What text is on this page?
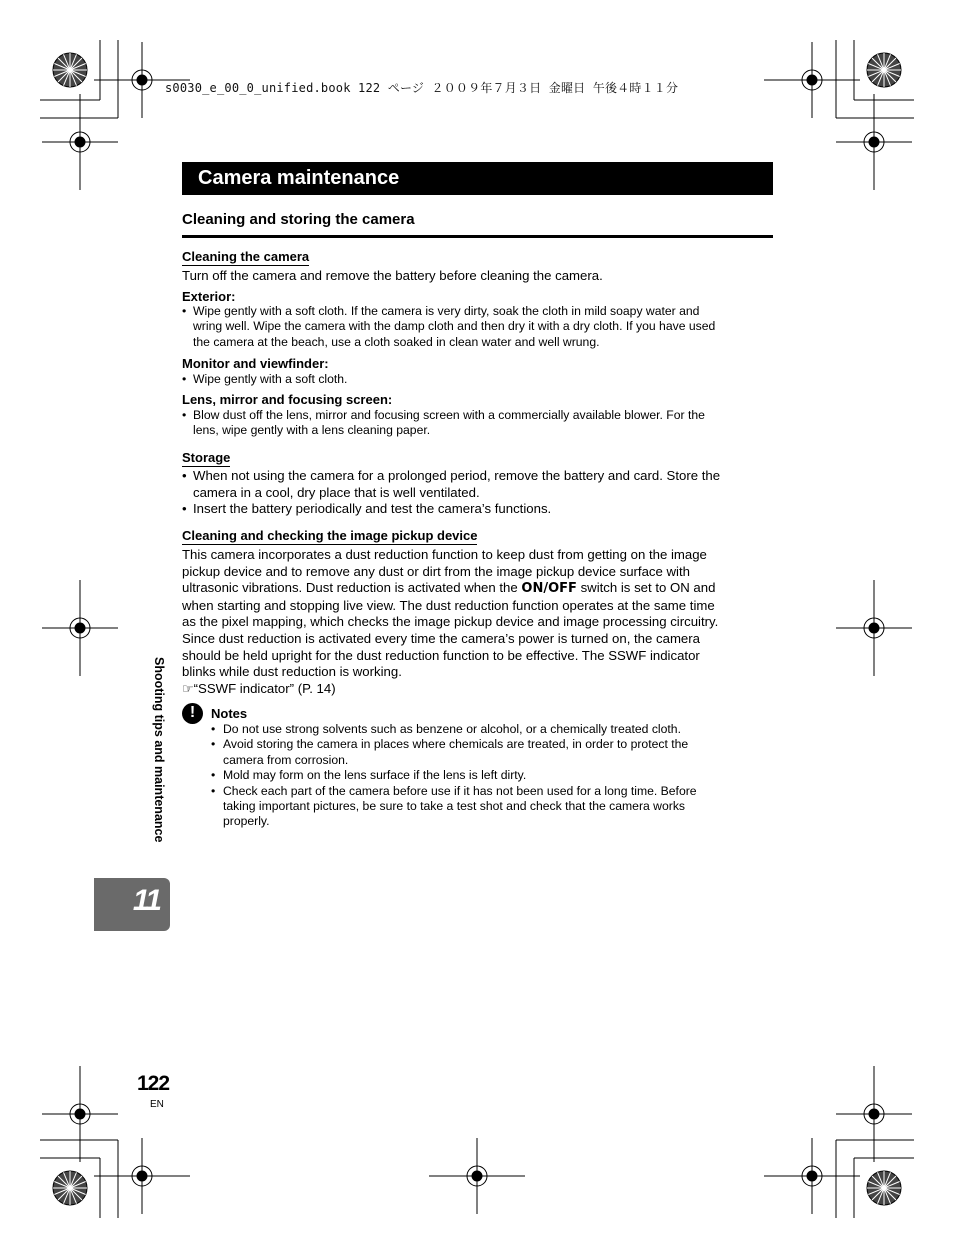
s0030_e_00_0_unified.book 122 ページ ２００９年７月３日 金曜日 午後４時１１分
Camera maintenance
Cleaning and storing the camera
Cleaning the camera
Turn off the camera and remove the battery before cleaning the camera.
Exterior:
• Wipe gently with a soft cloth. If the camera is very dirty, soak the cloth in mild soapy water and
wring well. Wipe the camera with the damp cloth and then dry it with a dry cloth. If you have used
the camera at the beach, use a cloth soaked in clean water and well wrung.
Monitor and viewfinder:
• Wipe gently with a soft cloth.
Lens, mirror and focusing screen:
• Blow dust off the lens, mirror and focusing screen with a commercially available blower. For the
lens, wipe gently with a lens cleaning paper.
Storage
• When not using the camera for a prolonged period, remove the battery and card. Store the
camera in a cool, dry place that is well ventilated.
• Insert the battery periodically and test the camera’s functions.
Cleaning and checking the image pickup device
This camera incorporates a dust reduction function to keep dust from getting on the image
pickup device and to remove any dust or dirt from the image pickup device surface with
ultrasonic vibrations. Dust reduction is activated when the ON/OFF switch is set to ON and
when starting and stopping live view. The dust reduction function operates at the same time
as the pixel mapping, which checks the image pickup device and image processing circuitry.
Since dust reduction is activated every time the camera’s power is turned on, the camera
should be held upright for the dust reduction function to be effective. The SSWF indicator
blinks while dust reduction is working.
☞“SSWF indicator” (P. 14)
!	Notes
• Do not use strong solvents such as benzene or alcohol, or a chemically treated cloth.
• Avoid storing the camera in places where chemicals are treated, in order to protect the
camera from corrosion.
• Mold may form on the lens surface if the lens is left dirty.
• Check each part of the camera before use if it has not been used for a long time. Before
taking important pictures, be sure to take a test shot and check that the camera works
properly.
Shooting tips and maintenance
11
122
EN
